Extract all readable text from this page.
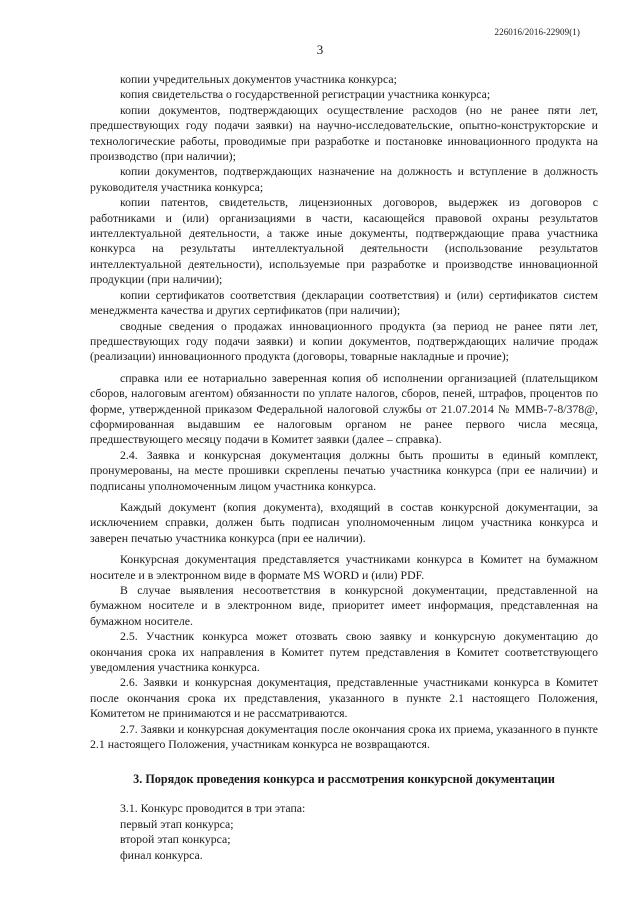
226016/2016-22909(1)
3

копии учредительных документов участника конкурса;

копия свидетельства о государственной регистрации участника конкурса;

копии документов, подтверждающих осуществление расходов (но не ранее пяти лет, предшествующих году подачи заявки) на научно-исследовательские, опытно-конструкторские и технологические работы, проводимые при разработке и постановке инновационного продукта на производство (при наличии);

копии документов, подтверждающих назначение на должность и вступление в должность руководителя участника конкурса;

копии патентов, свидетельств, лицензионных договоров, выдержек из договоров с работниками и (или) организациями в части, касающейся правовой охраны результатов интеллектуальной деятельности, а также иные документы, подтверждающие права участника конкурса на результаты интеллектуальной деятельности (использование результатов интеллектуальной деятельности), используемые при разработке и производстве инновационной продукции (при наличии);

копии сертификатов соответствия (декларации соответствия) и (или) сертификатов систем менеджмента качества и других сертификатов (при наличии);

сводные сведения о продажах инновационного продукта (за период не ранее пяти лет, предшествующих году подачи заявки) и копии документов, подтверждающих наличие продаж (реализации) инновационного продукта (договоры, товарные накладные и прочие);

справка или ее нотариально заверенная копия об исполнении организацией (плательщиком сборов, налоговым агентом) обязанности по уплате налогов, сборов, пеней, штрафов, процентов по форме, утвержденной приказом Федеральной налоговой службы от 21.07.2014 № ММВ-7-8/378@, сформированная выдавшим ее налоговым органом не ранее первого числа месяца, предшествующего месяцу подачи в Комитет заявки (далее – справка).

2.4. Заявка и конкурсная документация должны быть прошиты в единый комплект, пронумерованы, на месте прошивки скреплены печатью участника конкурса (при ее наличии) и подписаны уполномоченным лицом участника конкурса.

Каждый документ (копия документа), входящий в состав конкурсной документации, за исключением справки, должен быть подписан уполномоченным лицом участника конкурса и заверен печатью участника конкурса (при ее наличии).

Конкурсная документация представляется участниками конкурса в Комитет на бумажном носителе и в электронном виде в формате MS WORD и (или) PDF.

В случае выявления несоответствия в конкурсной документации, представленной на бумажном носителе и в электронном виде, приоритет имеет информация, представленная на бумажном носителе.

2.5. Участник конкурса может отозвать свою заявку и конкурсную документацию до окончания срока их направления в Комитет путем представления в Комитет соответствующего уведомления участника конкурса.

2.6. Заявки и конкурсная документация, представленные участниками конкурса в Комитет после окончания срока их представления, указанного в пункте 2.1 настоящего Положения, Комитетом не принимаются и не рассматриваются.

2.7. Заявки и конкурсная документация после окончания срока их приема, указанного в пункте 2.1 настоящего Положения, участникам конкурса не возвращаются.

3. Порядок проведения конкурса и рассмотрения конкурсной документации

3.1. Конкурс проводится в три этапа:

первый этап конкурса;

второй этап конкурса;

финал конкурса.
